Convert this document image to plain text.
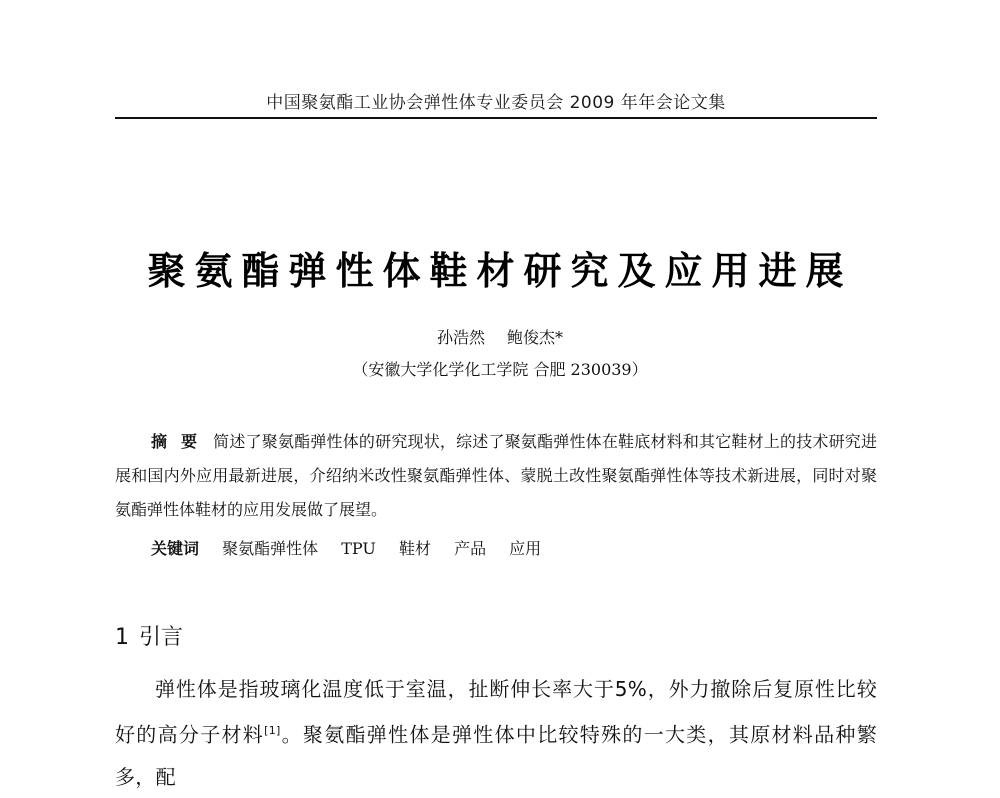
中国聚氨酯工业协会弹性体专业委员会 2009 年年会论文集
聚氨酯弹性体鞋材研究及应用进展
孙浩然 鲍俊杰*
（安徽大学化学化工学院 合肥 230039）
摘 要 简述了聚氨酯弹性体的研究现状，综述了聚氨酯弹性体在鞋底材料和其它鞋材上的技术研究进展和国内外应用最新进展，介绍纳米改性聚氨酯弹性体、蒙脱土改性聚氨酯弹性体等技术新进展，同时对聚氨酯弹性体鞋材的应用发展做了展望。
关键词 聚氨酯弹性体 TPU 鞋材 产品 应用
1 引言
弹性体是指玻璃化温度低于室温，扯断伸长率大于5%，外力撤除后复原性比较好的高分子材料[1]。聚氨酯弹性体是弹性体中比较特殊的一大类，其原材料品种繁多，配
